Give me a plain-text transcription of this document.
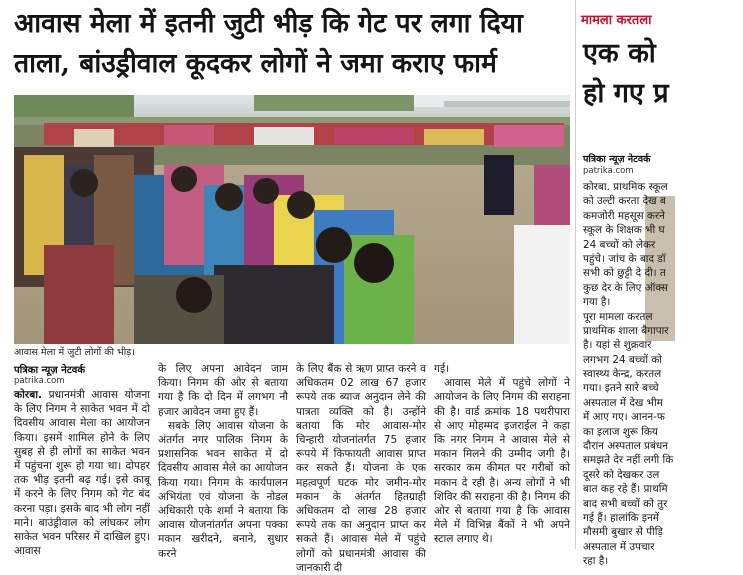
आवास मेला में इतनी जुटी भीड़ कि गेट पर लगा दिया ताला, बांउड्रीवाल कूदकर लोगों ने जमा कराए फार्म
आवास मेला में जुटी लोगों की भीड़।
पत्रिका न्यूज़ नेटवर्क
patrika.com

कोरबा. प्रधानमंत्री आवास योजना के लिए निगम ने साकेत भवन में दो दिवसीय आवास मेला का आयोजन किया। इसमें शामिल होने के लिए सुबह से ही लोगों का साकेत भवन में पहुंचना शुरू हो गया था। दोपहर तक भीड़ इतनी बढ़ गई। इसे काबू में करने के लिए निगम को गेट बंद करना पड़ा। इसके बाद भी लोग नहीं माने। बाउंड्रीवाल को लांघकर लोग साकेत भवन परिसर में दाखिल हुए। आवास

के लिए अपना आवेदन जाम किया। निगम की ओर से बताया गया है कि दो दिन में लगभग नौ हजार आवेदन जमा हुए हैं।

सबके लिए आवास योजना के अंतर्गत नगर पालिक निगम के प्रशासनिक भवन साकेत में दो दिवसीय आवास मेले का आयोजन किया गया। निगम के कार्यपालन अभियंता एवं योजना के नोडल अधिकारी एके शर्मा ने बताया कि आवास योजनांतर्गत अपना पक्का मकान खरीदने, बनाने, सुधार करने

के लिए बैंक से ऋण प्राप्त करने व अधिकतम 02 लाख 67 हजार रूपये तक ब्याज अनुदान लेने की पात्रता व्यक्ति को है। उन्होंने बताया कि मोर आवास-मोर चिन्हारी योजनांतर्गत 75 हजार रूपये में किफायती आवास प्राप्त कर सकते हैं। योजना के एक महत्वपूर्ण घटक मोर जमीन-मोर मकान के अंतर्गत हितग्राही अधिकतम दो लाख 28 हजार रूपये तक का अनुदान प्राप्त कर सकते हैं। आवास मेले में पहुंचे लोगों को प्रधानमंत्री आवास की जानकारी दी

गई।

आवास मेले में पहुंचे लोगों ने आयोजन के लिए निगम की सराहना की है। वार्ड क्रमांक 18 पथरीपारा से आए मोहम्मद इजराईल ने कहा कि नगर निगम ने आवास मेले से मकान मिलने की उम्मीद जगी है। सरकार कम कीमत पर गरीबों को मकान दे रही है। अन्य लोगों ने भी शिविर की सराहना की है। निगम की ओर से बताया गया है कि आवास मेले में विभिन्न बैंकों ने भी अपने स्टाल लगाए थे।

मामला करतला
एक को
हो गए प्र
पत्रिका न्यूज़ नेटवर्क
patrika.com
कोरबा. प्राथमिक स्कूल
को उल्टी करता देख ब
कमजोरी महसूस करने
स्कूल के शिक्षक भी घ
24 बच्चों को लेकर
पहुंचे। जांच के बाद डॉ
सभी को छुट्टी दे दी। त
कुछ देर के लिए ऑक्स
गया है।
पूरा मामला करतल
प्राथमिक शाला बैगापार
है। यहां से शुक्रवार
लगभग 24 बच्चों को
स्वास्थ्य केन्द्र, करतल
गया। इतने सारे बच्चे
अस्पताल में देख भीम
में आए गए। आनन-फ
का इलाज शुरू किय
दौरान अस्पताल प्रबंधन
समझते देर नहीं लगी कि
दूसरे को देखकर उल
बात कह रहे हैं। प्राथमि
बाद सभी बच्चों को तुर
गई हैं। हालांकि इनमें
मौसमी बुखार से पीड़ि
अस्पताल में उपचार
रहा है।
